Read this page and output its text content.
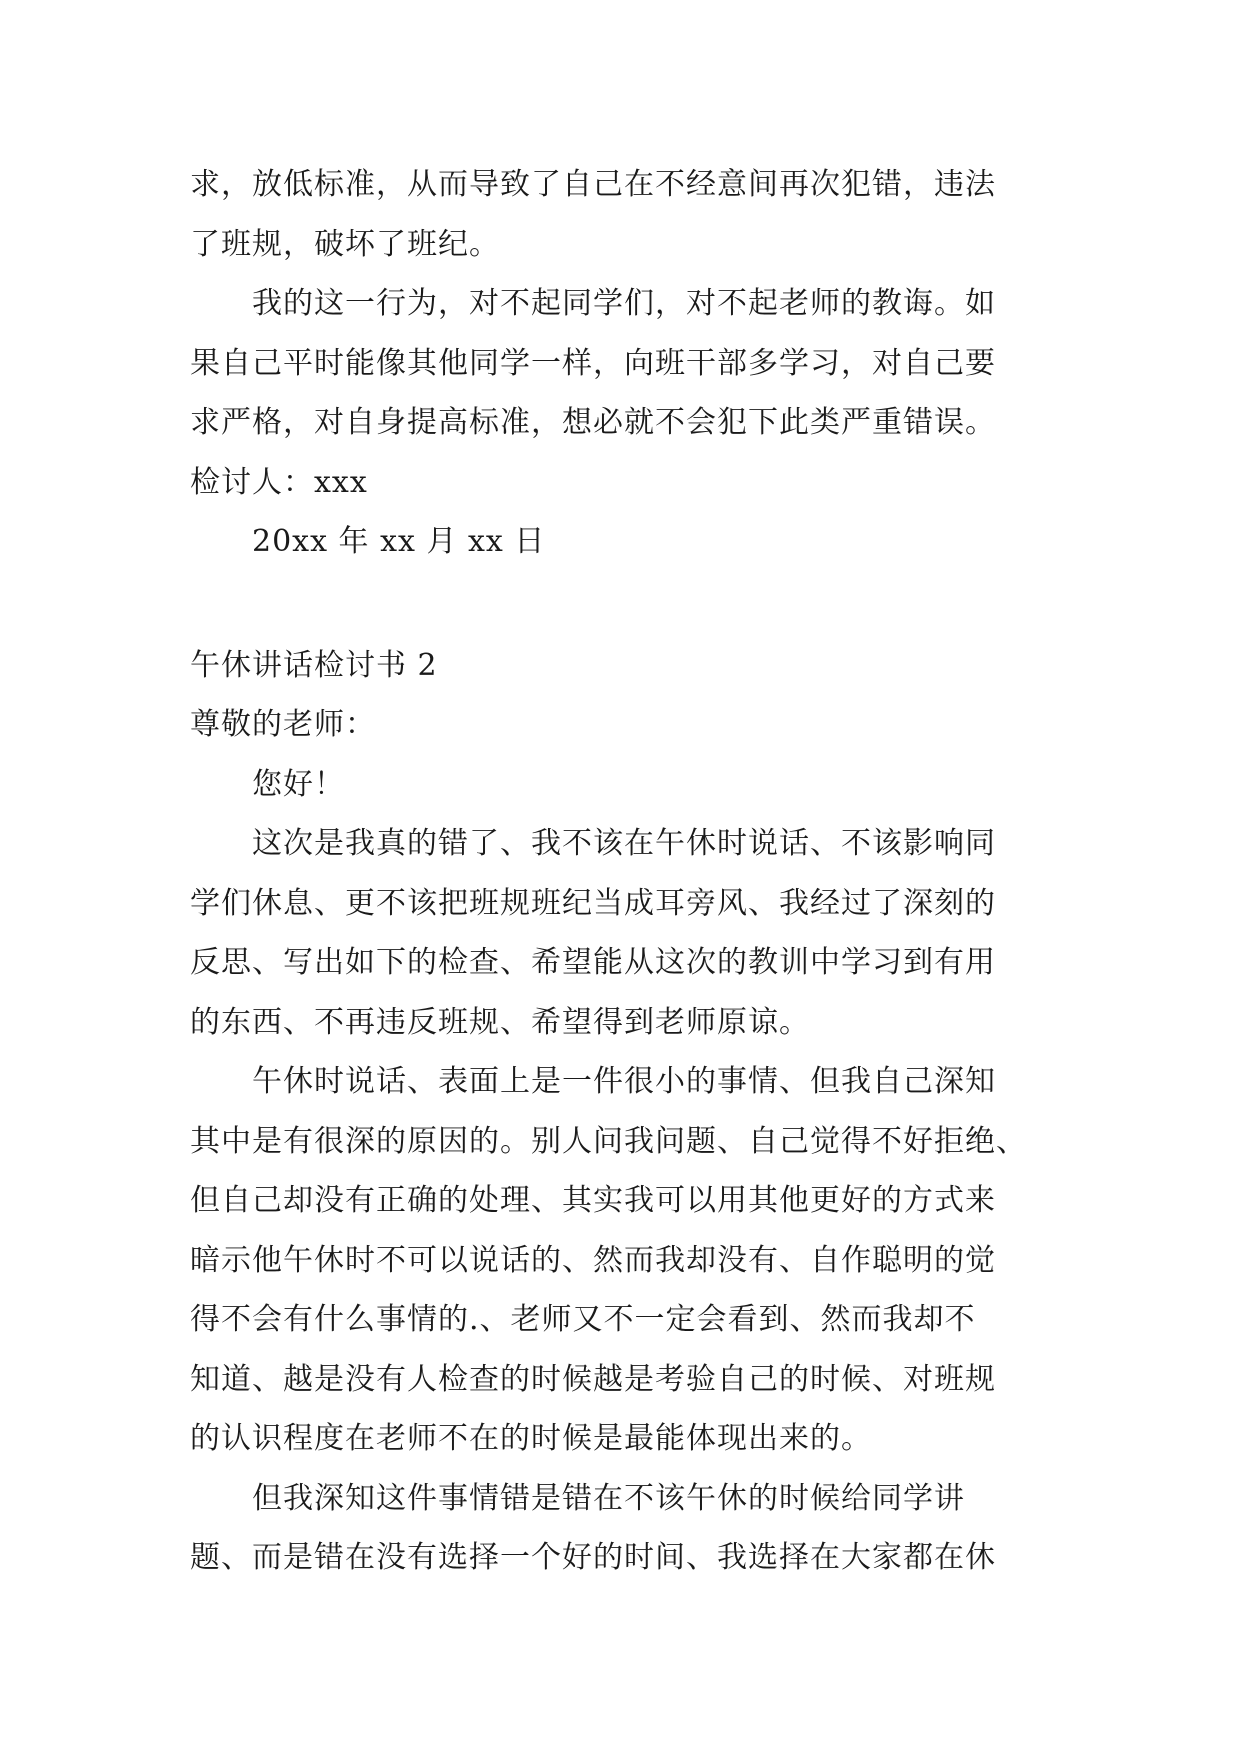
求，放低标准，从而导致了自己在不经意间再次犯错，违法
了班规，破坏了班纪。
我的这一行为，对不起同学们，对不起老师的教诲。如
果自己平时能像其他同学一样，向班干部多学习，对自己要
求严格，对自身提高标准，想必就不会犯下此类严重错误。
检讨人：xxx
20xx 年 xx 月 xx 日
午休讲话检讨书 2
尊敬的老师：
您好！
这次是我真的错了、我不该在午休时说话、不该影响同
学们休息、更不该把班规班纪当成耳旁风、我经过了深刻的
反思、写出如下的检查、希望能从这次的教训中学习到有用
的东西、不再违反班规、希望得到老师原谅。
午休时说话、表面上是一件很小的事情、但我自己深知
其中是有很深的原因的。别人问我问题、自己觉得不好拒绝、
但自己却没有正确的处理、其实我可以用其他更好的方式来
暗示他午休时不可以说话的、然而我却没有、自作聪明的觉
得不会有什么事情的.、老师又不一定会看到、然而我却不
知道、越是没有人检查的时候越是考验自己的时候、对班规
的认识程度在老师不在的时候是最能体现出来的。
但我深知这件事情错是错在不该午休的时候给同学讲
题、而是错在没有选择一个好的时间、我选择在大家都在休
